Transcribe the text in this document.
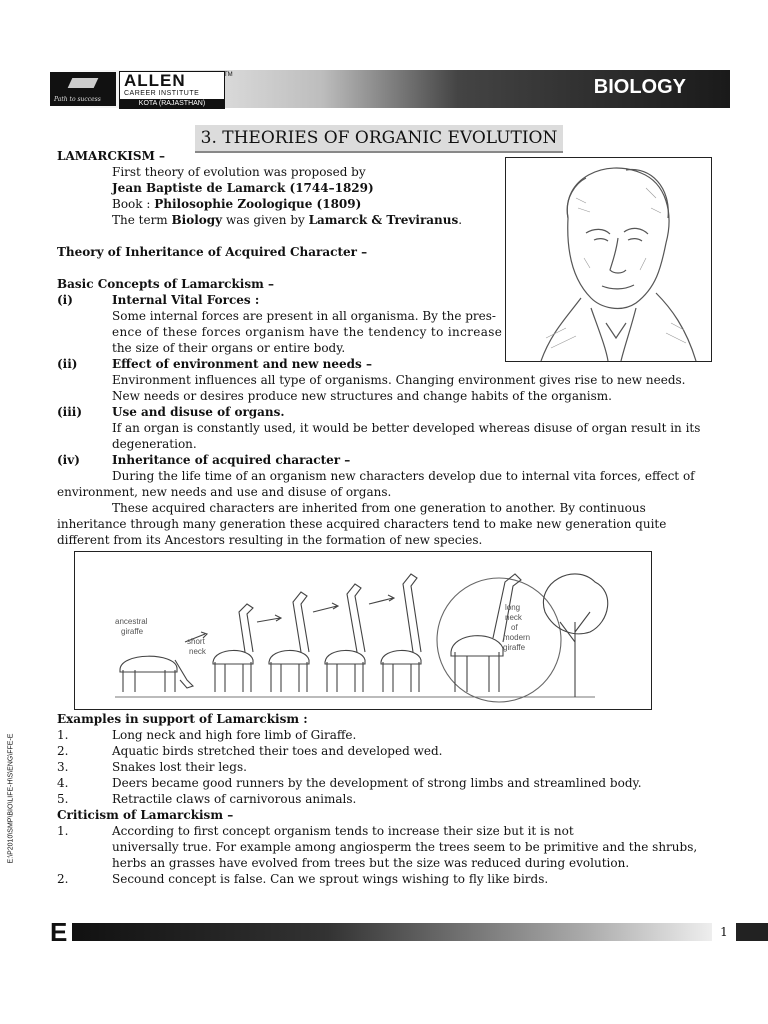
Path to success
ALLEN
CAREER INSTITUTE
KOTA (RAJASTHAN)
TM
BIOLOGY
3. THEORIES OF ORGANIC EVOLUTION
LAMARCKISM –
First theory of evolution was proposed by
Jean Baptiste de Lamarck (1744–1829)
Book : Philosophie Zoologique (1809)
The term Biology was given by Lamarck & Treviranus.
Theory of Inheritance of Acquired Character –
Basic Concepts of Lamarckism –
(i)	Internal Vital Forces :
Some internal forces are present in all organisma. By the pres-
ence of these forces organism have the tendency to increase
the size of their organs or entire body.
(ii)	Effect of environment and new needs –
Environment influences all type of organisms. Changing environment gives rise to new needs.
New needs or desires produce new structures and change habits of the organism.
(iii) Use and disuse of organs.
If an organ is constantly used, it would be better developed whereas disuse of organ result in its
degeneration.
(iv)	Inheritance of acquired character –
During the life time of an organism new characters develop due to internal vita forces, effect of
environment, new needs and use and disuse of organs.
These acquired characters are inherited from one generation to another. By continuous
inheritance through many generation these acquired characters tend to make new generation quite
different from its Ancestors resulting in the formation of new species.
ancestral
giraffe
short
neck
long
neck
of
modern
giraffe
Examples in support of Lamarckism :
1.	Long neck and high fore limb of Giraffe.
2.	Aquatic birds stretched their toes and developed wed.
3.	Snakes lost their legs.
4.	Deers became good runners by the development of strong limbs and streamlined body.
5.	Retractile claws of carnivorous animals.
Criticism of Lamarckism –
1.	According to first concept organism tends to increase their size but it is not
universally true. For example among angiosperm the trees seem to be primitive and the shrubs,
herbs an grasses have evolved from trees but the size was reduced during evolution.
2.	Secound concept is false. Can we sprout wings wishing to fly like birds.
E:\P2010\SMP\BIO\LIFE-H\S\ENG\FFE-E
E	1
